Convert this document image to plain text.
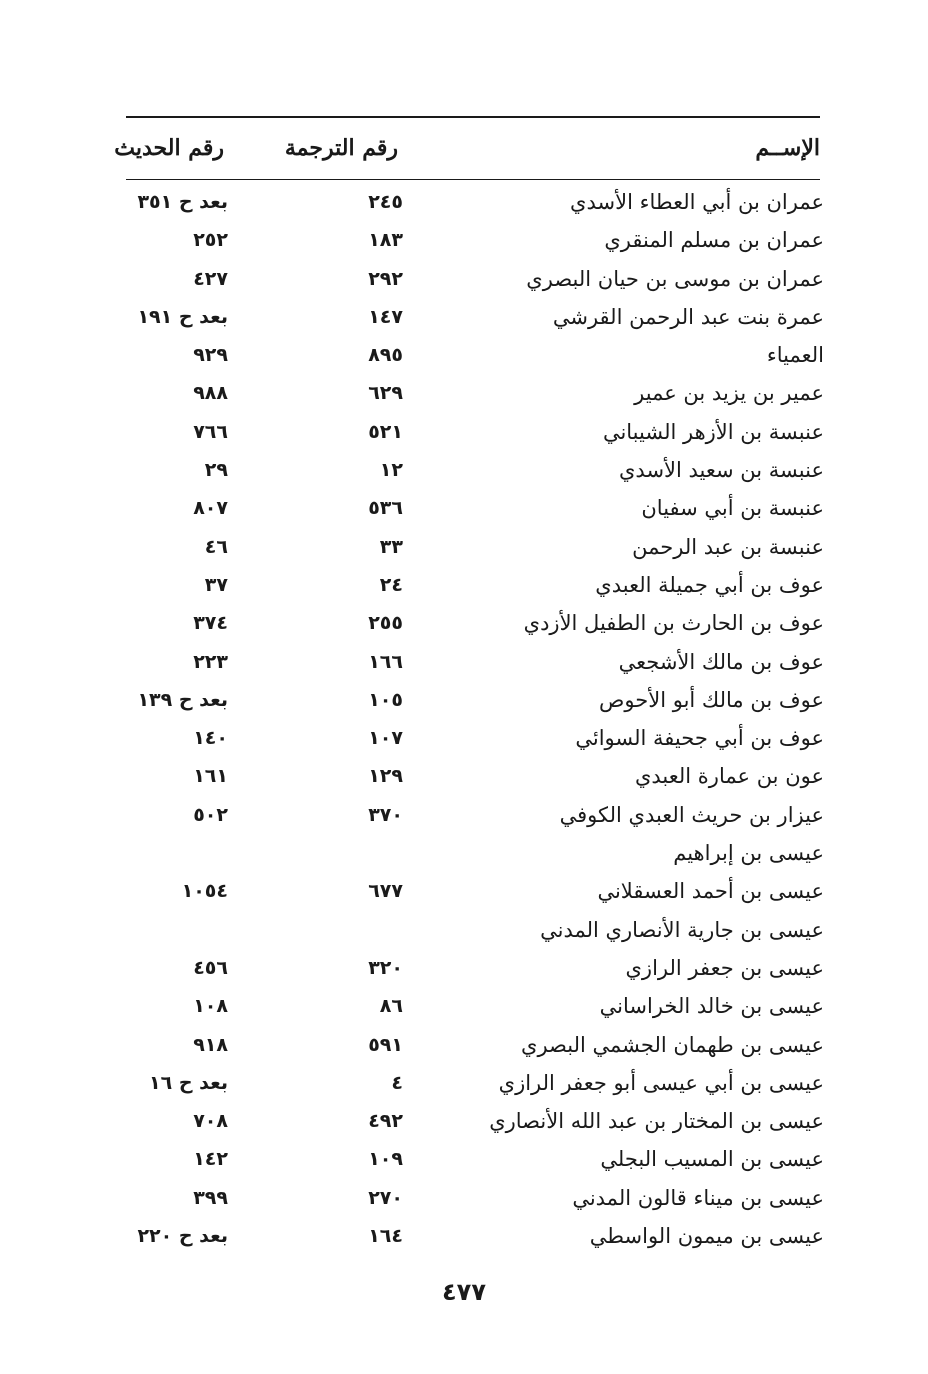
الإســم
رقم الترجمة
رقم الحديث
عمران بن أبي العطاء الأسدي
٢٤٥
بعد ح ٣٥١
عمران بن مسلم المنقري
١٨٣
٢٥٢
عمران بن موسى بن حيان البصري
٢٩٢
٤٢٧
عمرة بنت عبد الرحمن القرشي
١٤٧
بعد ح ١٩١
العمياء
٨٩٥
٩٢٩
عمير بن يزيد بن عمير
٦٢٩
٩٨٨
عنبسة بن الأزهر الشيباني
٥٢١
٧٦٦
عنبسة بن سعيد الأسدي
١٢
٢٩
عنبسة بن أبي سفيان
٥٣٦
٨٠٧
عنبسة بن عبد الرحمن
٣٣
٤٦
عوف بن أبي جميلة العبدي
٢٤
٣٧
عوف بن الحارث بن الطفيل الأزدي
٢٥٥
٣٧٤
عوف بن مالك الأشجعي
١٦٦
٢٢٣
عوف بن مالك أبو الأحوص
١٠٥
بعد ح ١٣٩
عوف بن أبي جحيفة السوائي
١٠٧
١٤٠
عون بن عمارة العبدي
١٢٩
١٦١
عيزار بن حريث العبدي الكوفي
٣٧٠
٥٠٢
عيسى بن إبراهيم
عيسى بن أحمد العسقلاني
٦٧٧
١٠٥٤
عيسى بن جارية الأنصاري المدني
عيسى بن جعفر الرازي
٣٢٠
٤٥٦
عيسى بن خالد الخراساني
٨٦
١٠٨
عيسى بن طهمان الجشمي البصري
٥٩١
٩١٨
عيسى بن أبي عيسى أبو جعفر الرازي
٤
بعد ح ١٦
عيسى بن المختار بن عبد الله الأنصاري
٤٩٢
٧٠٨
عيسى بن المسيب البجلي
١٠٩
١٤٢
عيسى بن ميناء قالون المدني
٢٧٠
٣٩٩
عيسى بن ميمون الواسطي
١٦٤
بعد ح ٢٢٠
٤٧٧
